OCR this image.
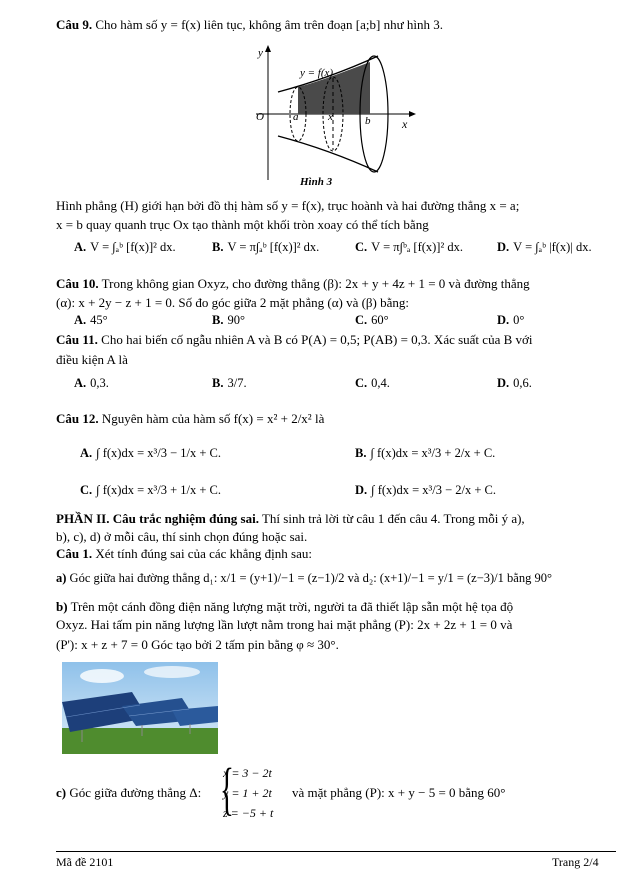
Câu 9. Cho hàm số y = f(x) liên tục, không âm trên đoạn [a;b] như hình 3.
y
x
O	a	x	b
y = f(x)
Hình 3
Hình phẳng (H) giới hạn bởi đồ thị hàm số y = f(x), trục hoành và hai đường thẳng x = a;
x = b quay quanh trục Ox tạo thành một khối tròn xoay có thể tích bằng
A. V = ∫ₐᵇ [f(x)]² dx.	B. V = π∫ₐᵇ [f(x)]² dx.	C. V = π∫ᵇₐ [f(x)]² dx.	D. V = ∫ₐᵇ |f(x)| dx.
Câu 10. Trong không gian Oxyz, cho đường thẳng (β): 2x + y + 4z + 1 = 0 và đường thẳng
(α): x + 2y − z + 1 = 0. Số đo góc giữa 2 mặt phẳng (α) và (β) bằng:
A. 45°	B. 90°	C. 60°	D. 0°
Câu 11. Cho hai biến cố ngẫu nhiên A và B có P(A) = 0,5; P(AB) = 0,3. Xác suất của B với
điều kiện A là
A. 0,3.	B. 3/7.	C. 0,4.	D. 0,6.
Câu 12. Nguyên hàm của hàm số f(x) = x² + 2/x² là
A. ∫ f(x)dx = x³/3 − 1/x + C.	B. ∫ f(x)dx = x³/3 + 2/x + C.
C. ∫ f(x)dx = x³/3 + 1/x + C.	D. ∫ f(x)dx = x³/3 − 2/x + C.
PHẦN II. Câu trắc nghiệm đúng sai. Thí sinh trả lời từ câu 1 đến câu 4. Trong mỗi ý a),
b), c), d) ở mỗi câu, thí sinh chọn đúng hoặc sai.
Câu 1. Xét tính đúng sai của các khẳng định sau:
a) Góc giữa hai đường thẳng d₁: x/1 = (y+1)/−1 = (z−1)/2 và d₂: (x+1)/−1 = y/1 = (z−3)/1 bằng 90°
b) Trên một cánh đồng điện năng lượng mặt trời, người ta đã thiết lập sẵn một hệ tọa độ
Oxyz. Hai tấm pin năng lượng lần lượt nằm trong hai mặt phẳng (P): 2x + 2z + 1 = 0 và
(P'): x + z + 7 = 0 Góc tạo bởi 2 tấm pin bằng φ ≈ 30°.
c) Góc giữa đường thẳng Δ: {
x = 3 − 2t
y = 1 + 2t
z = −5 + t
và mặt phẳng (P): x + y − 5 = 0 bằng 60°
Mã đề 2101	Trang 2/4
